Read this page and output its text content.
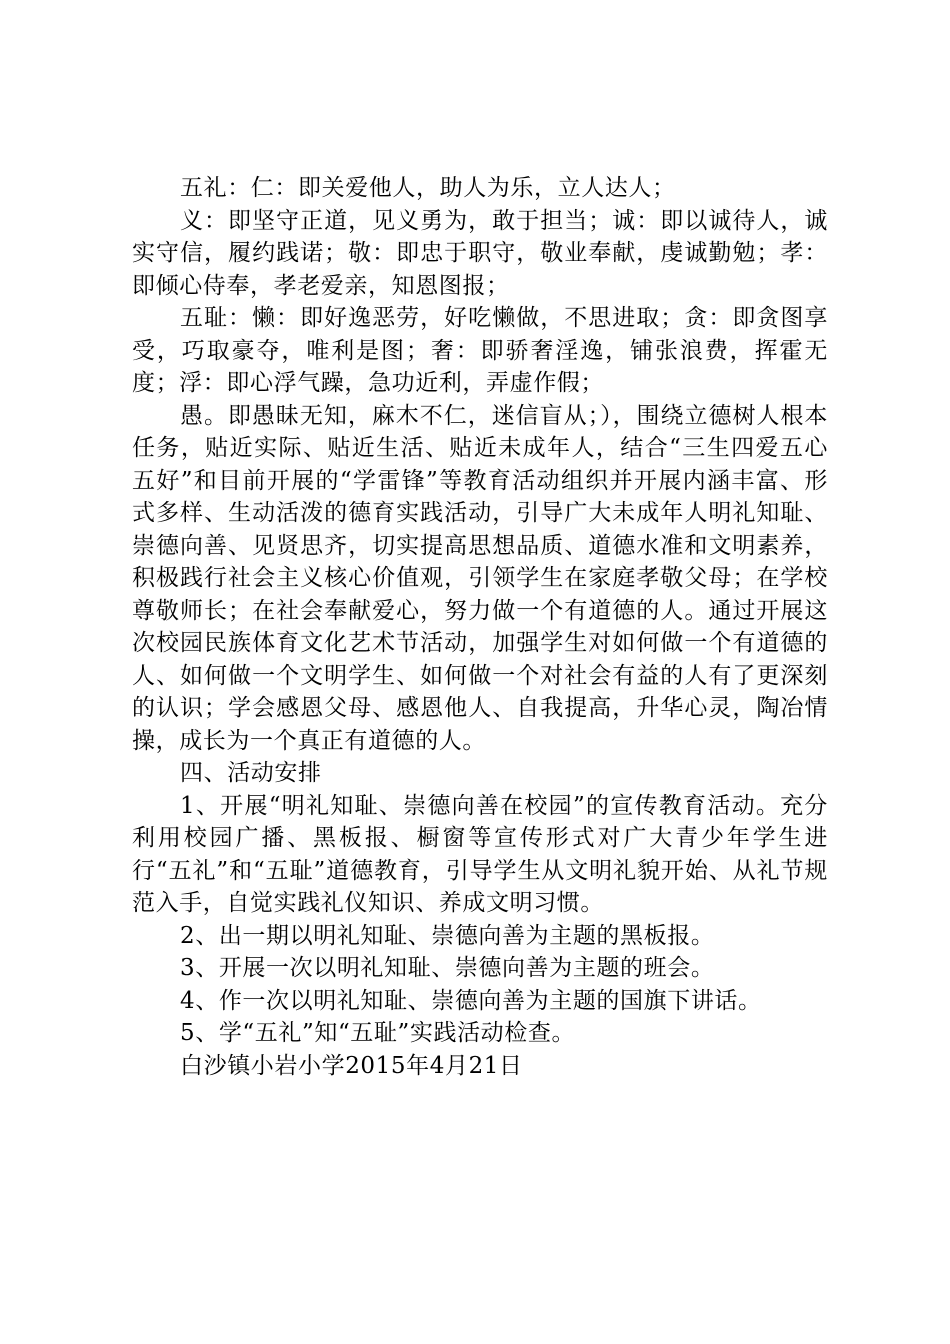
五礼：仁：即关爱他人，助人为乐，立人达人；

义：即坚守正道，见义勇为，敢于担当；诚：即以诚待人，诚实守信，履约践诺；敬：即忠于职守，敬业奉献，虔诚勤勉；孝：即倾心侍奉，孝老爱亲，知恩图报；

五耻：懒：即好逸恶劳，好吃懒做，不思进取；贪：即贪图享受，巧取豪夺，唯利是图；奢：即骄奢淫逸，铺张浪费，挥霍无度；浮：即心浮气躁，急功近利，弄虚作假；

愚。即愚昧无知，麻木不仁，迷信盲从；），围绕立德树人根本任务，贴近实际、贴近生活、贴近未成年人，结合“三生四爱五心五好”和目前开展的“学雷锋”等教育活动组织并开展内涵丰富、形式多样、生动活泼的德育实践活动，引导广大未成年人明礼知耻、崇德向善、见贤思齐，切实提高思想品质、道德水准和文明素养，积极践行社会主义核心价值观，引领学生在家庭孝敬父母；在学校尊敬师长；在社会奉献爱心，努力做一个有道德的人。通过开展这次校园民族体育文化艺术节活动，加强学生对如何做一个有道德的人、如何做一个文明学生、如何做一个对社会有益的人有了更深刻的认识；学会感恩父母、感恩他人、自我提高，升华心灵，陶冶情操，成长为一个真正有道德的人。

四、活动安排

1、开展“明礼知耻、崇德向善在校园”的宣传教育活动。充分利用校园广播、黑板报、橱窗等宣传形式对广大青少年学生进行“五礼”和“五耻”道德教育，引导学生从文明礼貌开始、从礼节规范入手，自觉实践礼仪知识、养成文明习惯。

2、出一期以明礼知耻、崇德向善为主题的黑板报。

3、开展一次以明礼知耻、崇德向善为主题的班会。

4、作一次以明礼知耻、崇德向善为主题的国旗下讲话。

5、学“五礼”知“五耻”实践活动检查。

白沙镇小岩小学2015年4月21日
